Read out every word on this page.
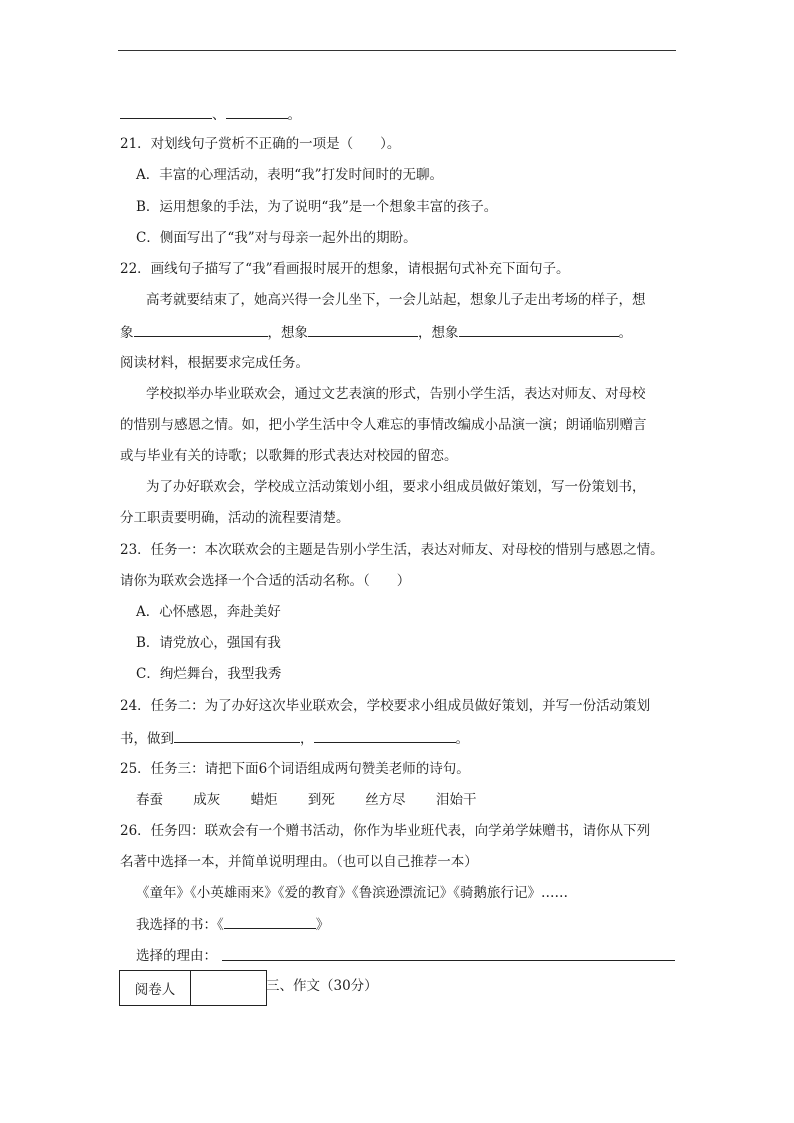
、	。
21．对划线句子赏析不正确的一项是（　　）。
A．丰富的心理活动，表明“我”打发时间时的无聊。
B．运用想象的手法，为了说明“我”是一个想象丰富的孩子。
C．侧面写出了“我”对与母亲一起外出的期盼。
22．画线句子描写了“我”看画报时展开的想象，请根据句式补充下面句子。
高考就要结束了，她高兴得一会儿坐下，一会儿站起，想象儿子走出考场的样子，想
象	，想象	，想象	。
阅读材料，根据要求完成任务。
学校拟举办毕业联欢会，通过文艺表演的形式，告别小学生活，表达对师友、对母校
的惜别与感恩之情。如，把小学生活中令人难忘的事情改编成小品演一演；朗诵临别赠言
或与毕业有关的诗歌；以歌舞的形式表达对校园的留恋。
为了办好联欢会，学校成立活动策划小组，要求小组成员做好策划，写一份策划书，
分工职责要明确，活动的流程要清楚。
23．任务一：本次联欢会的主题是告别小学生活，表达对师友、对母校的惜别与感恩之情。
请你为联欢会选择一个合适的活动名称。（　　）
A．心怀感恩，奔赴美好
B．请党放心，强国有我
C．绚烂舞台，我型我秀
24．任务二：为了办好这次毕业联欢会，学校要求小组成员做好策划，并写一份活动策划
书，做到	，	。
25．任务三：请把下面6个词语组成两句赞美老师的诗句。
春蚕 成灰 蜡炬 到死 丝方尽 泪始干
26．任务四：联欢会有一个赠书活动，你作为毕业班代表，向学弟学妹赠书，请你从下列
名著中选择一本，并简单说明理由。（也可以自己推荐一本）
《童年》《小英雄雨来》《爱的教育》《鲁滨逊漂流记》《骑鹅旅行记》……
我选择的书：《	》
选择的理由：
阅卷人	三、作文（30分）
